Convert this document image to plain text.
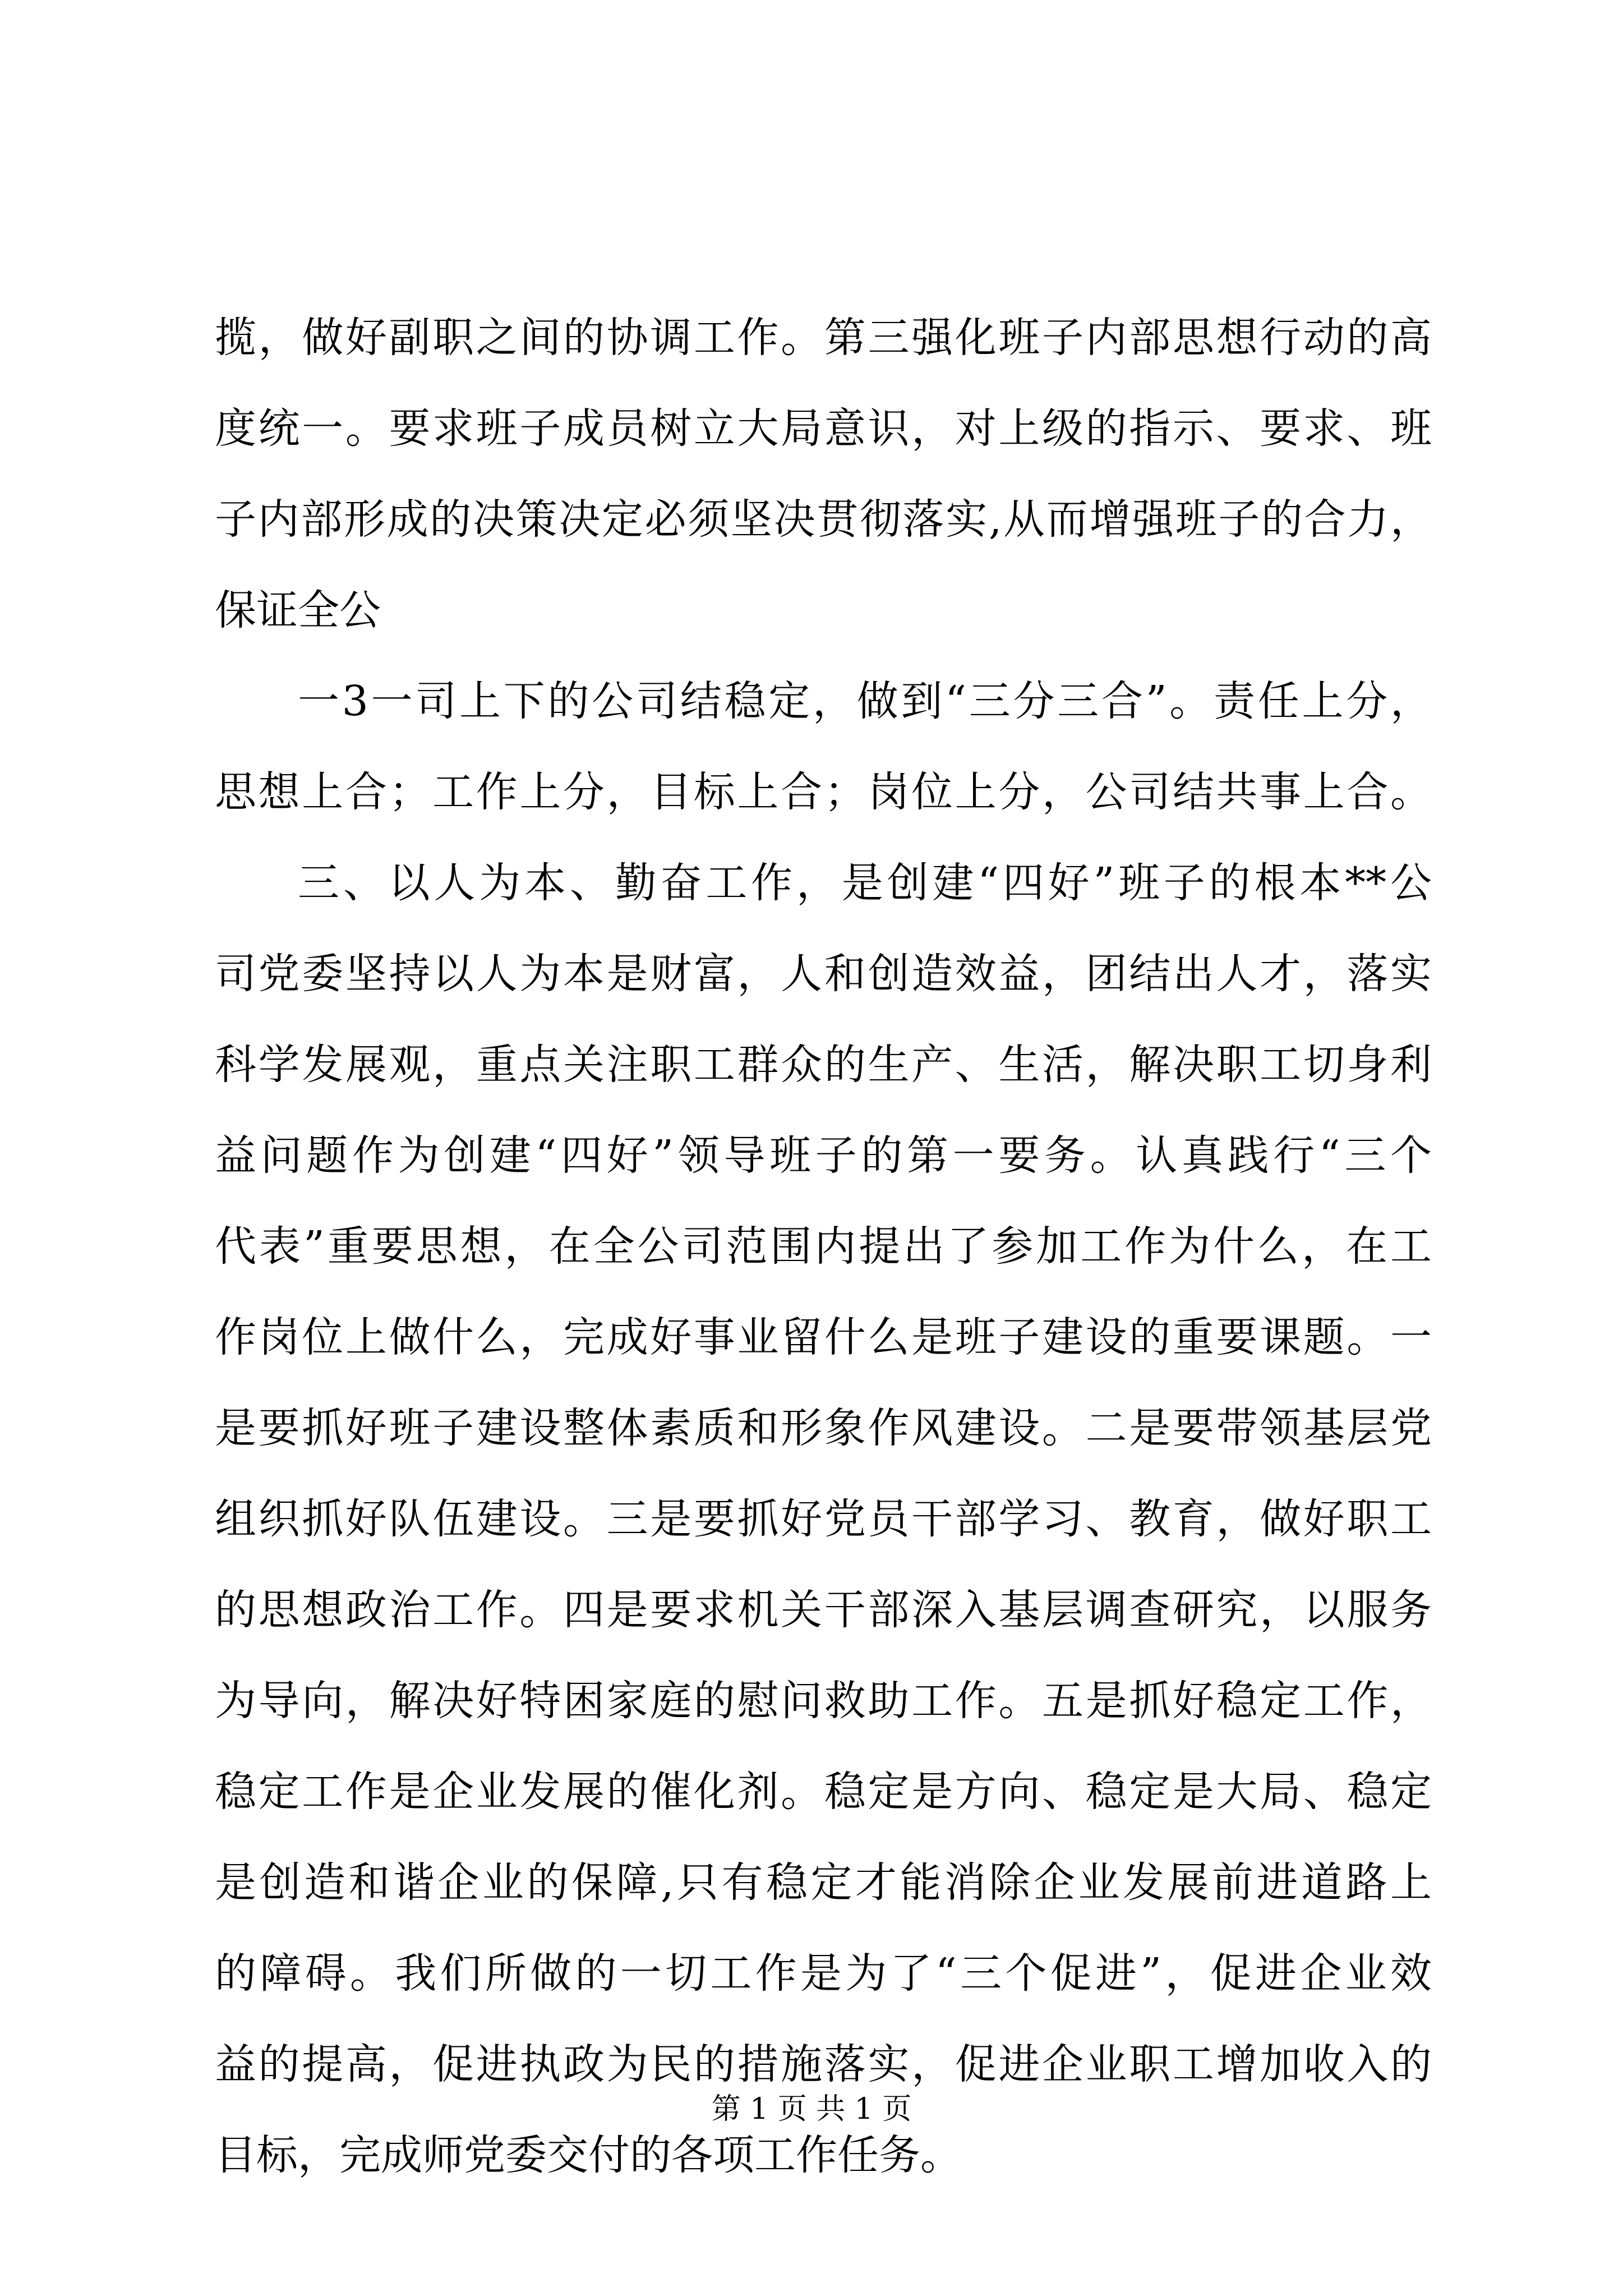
揽，做好副职之间的协调工作。第三强化班子内部思想行动的高
度统一。要求班子成员树立大局意识，对上级的指示、要求、班
子内部形成的决策决定必须坚决贯彻落实,从而增强班子的合力，
保证全公
一3一司上下的公司结稳定，做到“三分三合”。责任上分，
思想上合；工作上分，目标上合；岗位上分，公司结共事上合。
三、以人为本、勤奋工作，是创建“四好”班子的根本**公
司党委坚持以人为本是财富，人和创造效益，团结出人才，落实
科学发展观，重点关注职工群众的生产、生活，解决职工切身利
益问题作为创建“四好”领导班子的第一要务。认真践行“三个
代表”重要思想，在全公司范围内提出了参加工作为什么，在工
作岗位上做什么，完成好事业留什么是班子建设的重要课题。一
是要抓好班子建设整体素质和形象作风建设。二是要带领基层党
组织抓好队伍建设。三是要抓好党员干部学习、教育，做好职工
的思想政治工作。四是要求机关干部深入基层调查研究，以服务
为导向，解决好特困家庭的慰问救助工作。五是抓好稳定工作，
稳定工作是企业发展的催化剂。稳定是方向、稳定是大局、稳定
是创造和谐企业的保障,只有稳定才能消除企业发展前进道路上
的障碍。我们所做的一切工作是为了“三个促进”，促进企业效
益的提高，促进执政为民的措施落实，促进企业职工增加收入的
目标，完成师党委交付的各项工作任务。
第 1 页 共 1 页
